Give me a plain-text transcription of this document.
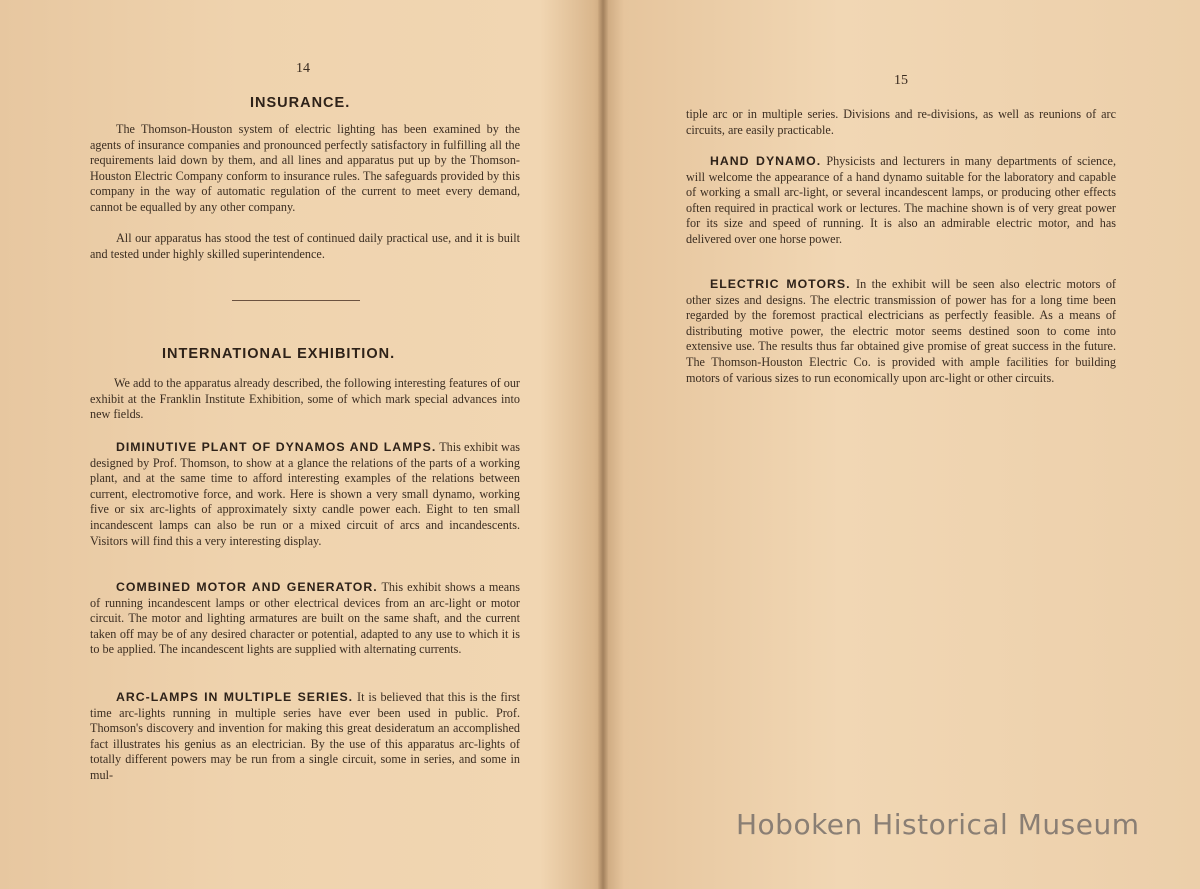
14
INSURANCE.

The Thomson-Houston system of electric lighting has been examined by the agents of insurance companies and pronounced perfectly satisfactory in fulfilling all the requirements laid down by them, and all lines and apparatus put up by the Thomson-Houston Electric Company conform to insurance rules. The safeguards provided by this company in the way of automatic regulation of the current to meet every demand, cannot be equalled by any other company.

All our apparatus has stood the test of continued daily practical use, and it is built and tested under highly skilled superintendence.

INTERNATIONAL EXHIBITION.

We add to the apparatus already described, the following interesting features of our exhibit at the Franklin Institute Exhibition, some of which mark special advances into new fields.

DIMINUTIVE PLANT OF DYNAMOS AND LAMPS. This exhibit was designed by Prof. Thomson, to show at a glance the relations of the parts of a working plant, and at the same time to afford interesting examples of the relations between current, electromotive force, and work. Here is shown a very small dynamo, working five or six arc-lights of approximately sixty candle power each. Eight to ten small incandescent lamps can also be run or a mixed circuit of arcs and incandescents. Visitors will find this a very interesting display.

COMBINED MOTOR AND GENERATOR. This exhibit shows a means of running incandescent lamps or other electrical devices from an arc-light or motor circuit. The motor and lighting armatures are built on the same shaft, and the current taken off may be of any desired character or potential, adapted to any use to which it is to be applied. The incandescent lights are supplied with alternating currents.

ARC-LAMPS IN MULTIPLE SERIES. It is believed that this is the first time arc-lights running in multiple series have ever been used in public. Prof. Thomson's discovery and invention for making this great desideratum an accomplished fact illustrates his genius as an electrician. By the use of this apparatus arc-lights of totally different powers may be run from a single circuit, some in series, and some in mul-

15

tiple arc or in multiple series. Divisions and re-divisions, as well as reunions of arc circuits, are easily practicable.

HAND DYNAMO. Physicists and lecturers in many departments of science, will welcome the appearance of a hand dynamo suitable for the laboratory and capable of working a small arc-light, or several incandescent lamps, or producing other effects often required in practical work or lectures. The machine shown is of very great power for its size and speed of running. It is also an admirable electric motor, and has delivered over one horse power.

ELECTRIC MOTORS. In the exhibit will be seen also electric motors of other sizes and designs. The electric transmission of power has for a long time been regarded by the foremost practical electricians as perfectly feasible. As a means of distributing motive power, the electric motor seems destined soon to come into extensive use. The results thus far obtained give promise of great success in the future. The Thomson-Houston Electric Co. is provided with ample facilities for building motors of various sizes to run economically upon arc-light or other circuits.

Hoboken Historical Museum
